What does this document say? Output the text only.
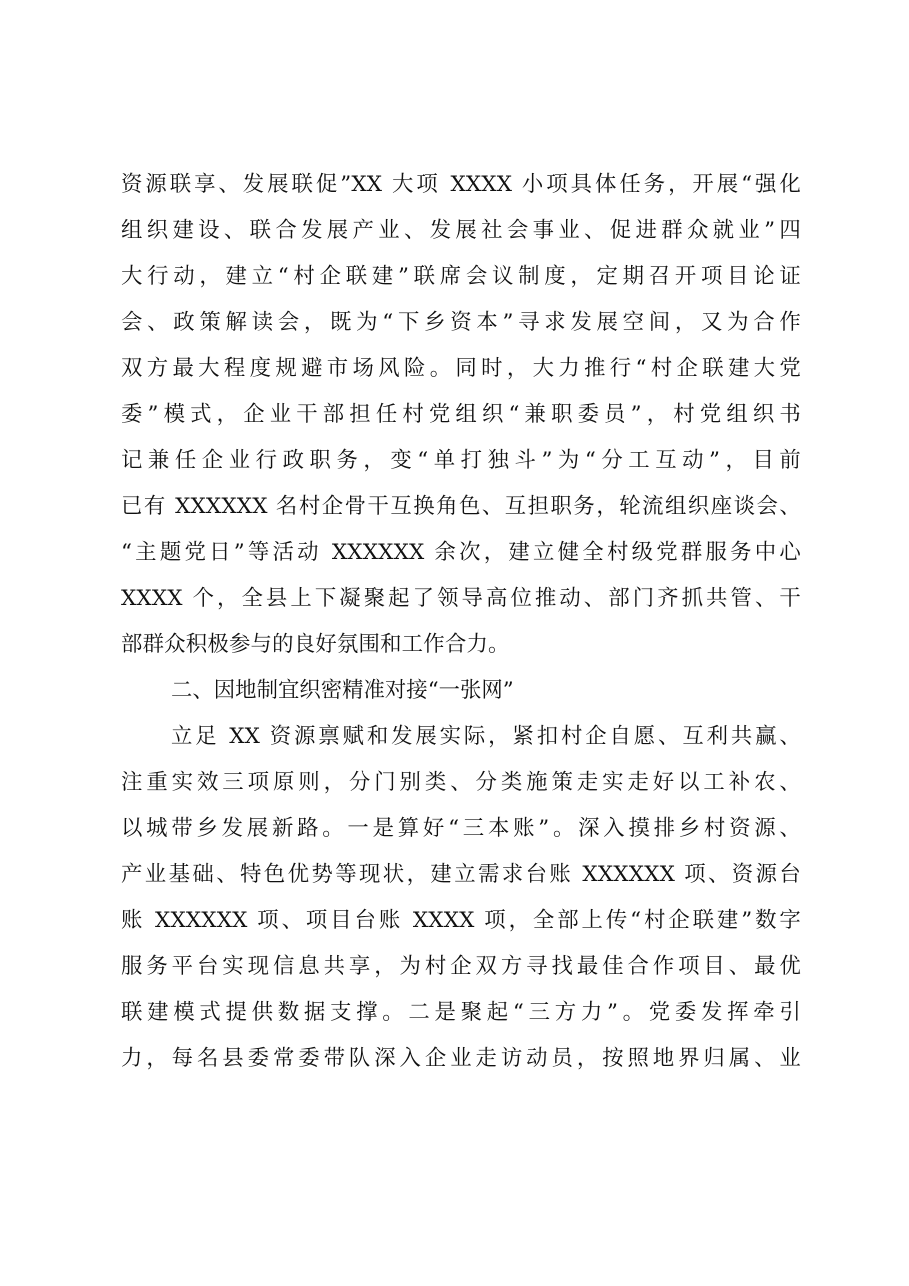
资源联享、发展联促”XX 大项 XXXX 小项具体任务，开展“强化
组织建设、联合发展产业、发展社会事业、促进群众就业”四
大行动，建立“村企联建”联席会议制度，定期召开项目论证
会、政策解读会，既为“下乡资本”寻求发展空间，又为合作
双方最大程度规避市场风险。同时，大力推行“村企联建大党
委”模式，企业干部担任村党组织“兼职委员”，村党组织书
记兼任企业行政职务，变“单打独斗”为“分工互动”，目前
已有 XXXXXX 名村企骨干互换角色、互担职务，轮流组织座谈会、
“主题党日”等活动 XXXXXX 余次，建立健全村级党群服务中心
XXXX 个，全县上下凝聚起了领导高位推动、部门齐抓共管、干
部群众积极参与的良好氛围和工作合力。
二、因地制宜织密精准对接“一张网”
立足 XX 资源禀赋和发展实际，紧扣村企自愿、互利共赢、
注重实效三项原则，分门别类、分类施策走实走好以工补农、
以城带乡发展新路。一是算好“三本账”。深入摸排乡村资源、
产业基础、特色优势等现状，建立需求台账 XXXXXX 项、资源台
账 XXXXXX 项、项目台账 XXXX 项，全部上传“村企联建”数字
服务平台实现信息共享，为村企双方寻找最佳合作项目、最优
联建模式提供数据支撑。二是聚起“三方力”。党委发挥牵引
力，每名县委常委带队深入企业走访动员，按照地界归属、业
